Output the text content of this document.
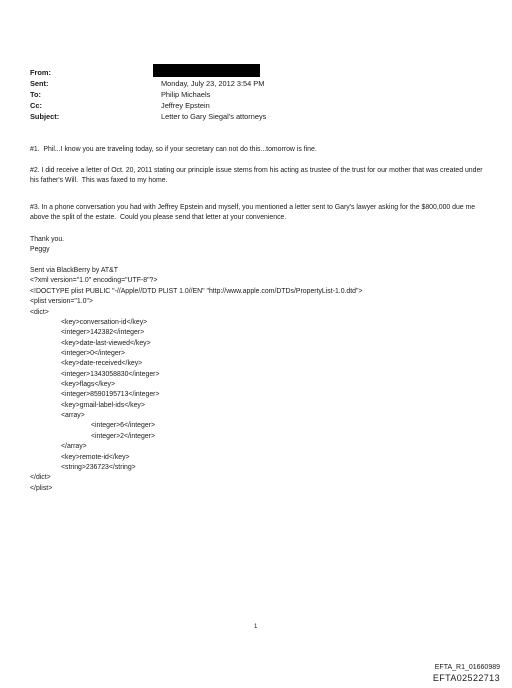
From:
Sent:	Monday, July 23, 2012 3:54 PM
To:	Philip Michaels
Cc:	Jeffrey Epstein
Subject:	Letter to Gary Siegal's attorneys
#1.  Phil...I know you are traveling today, so if your secretary can not do this...tomorrow is fine.
#2. I did receive a letter of Oct. 20, 2011 stating our principle issue stems from his acting as trustee of the trust for our mother that was created under his father's Will.  This was faxed to my home.
#3. In a phone conversation you had with Jeffrey Epstein and myself, you mentioned a letter sent to Gary's lawyer asking for the $800,000 due me above the split of the estate.  Could you please send that letter at your convenience.
Thank you.
Peggy
Sent via BlackBerry by AT&T
<?xml version="1.0" encoding="UTF-8"?>
<!DOCTYPE plist PUBLIC "-//Apple//DTD PLIST 1.0//EN" "http://www.apple.com/DTDs/PropertyList-1.0.dtd">
<plist version="1.0">
<dict>
<key>conversation-id</key>
<integer>142382</integer>
<key>date-last-viewed</key>
<integer>0</integer>
<key>date-received</key>
<integer>1343058830</integer>
<key>flags</key>
<integer>8590195713</integer>
<key>gmail-label-ids</key>
<array>
<integer>6</integer>
<integer>2</integer>
</array>
<key>remote-id</key>
<string>236723</string>
</dict>
</plist>
1
EFTA_R1_01660989
EFTA02522713
